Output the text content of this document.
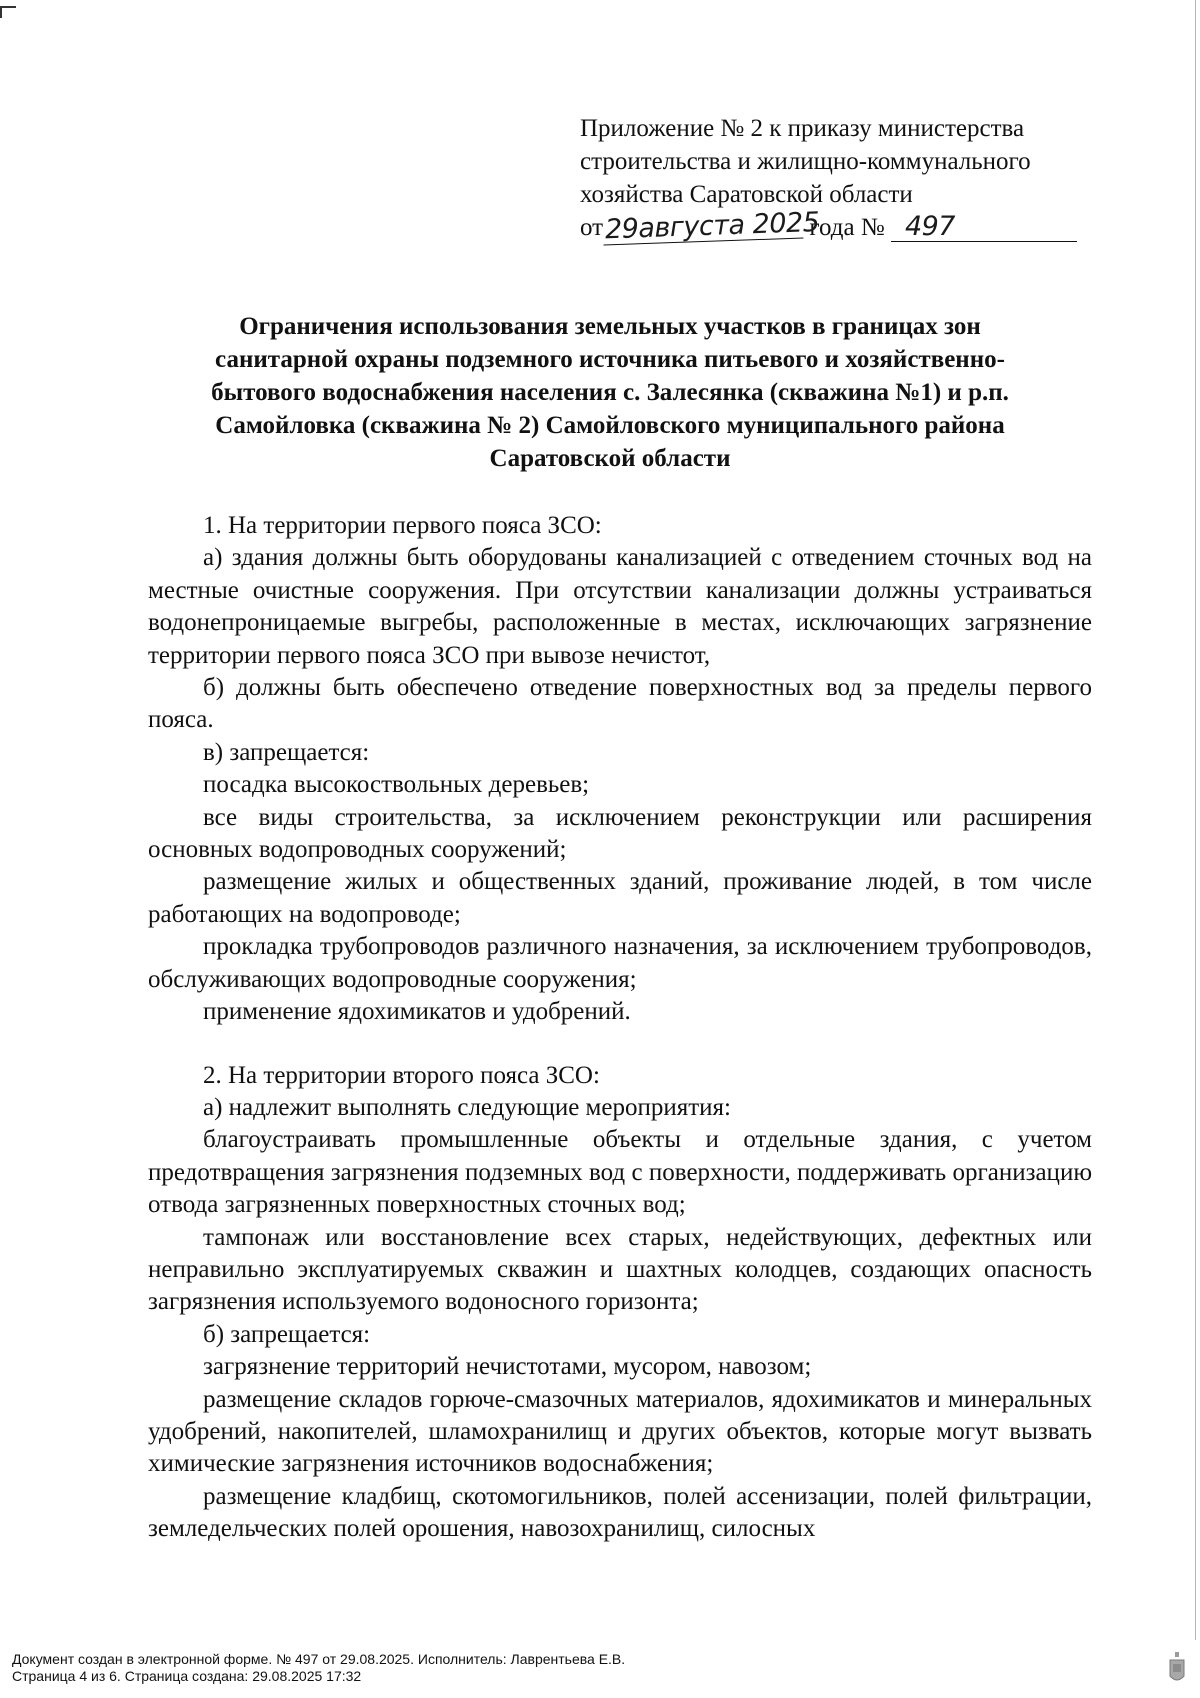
Приложение № 2 к приказу министерства
строительства и жилищно-коммунального
хозяйства Саратовской области
от29августа 2025 года № 497
Ограничения использования земельных участков в границах зон
санитарной охраны подземного источника питьевого и хозяйственно-
бытового водоснабжения населения с. Залесянка (скважина №1) и р.п.
Самойловка (скважина № 2) Самойловского муниципального района
Саратовской области

1. На территории первого пояса ЗСО:

а) здания должны быть оборудованы канализацией с отведением сточных вод на местные очистные сооружения. При отсутствии канализации должны устраиваться водонепроницаемые выгребы, расположенные в местах, исключающих загрязнение территории первого пояса ЗСО при вывозе нечистот,

б) должны быть обеспечено отведение поверхностных вод за пределы первого пояса.

в) запрещается:

посадка высокоствольных деревьев;

все виды строительства, за исключением реконструкции или расширения основных водопроводных сооружений;

размещение жилых и общественных зданий, проживание людей, в том числе работающих на водопроводе;

прокладка трубопроводов различного назначения, за исключением трубопроводов, обслуживающих водопроводные сооружения;

применение ядохимикатов и удобрений.

2. На территории второго пояса ЗСО:

а) надлежит выполнять следующие мероприятия:

благоустраивать промышленные объекты и отдельные здания, с учетом предотвращения загрязнения подземных вод с поверхности, поддерживать организацию отвода загрязненных поверхностных сточных вод;

тампонаж или восстановление всех старых, недействующих, дефектных или неправильно эксплуатируемых скважин и шахтных колодцев, создающих опасность загрязнения используемого водоносного горизонта;

б) запрещается:

загрязнение территорий нечистотами, мусором, навозом;

размещение складов горюче-смазочных материалов, ядохимикатов и минеральных удобрений, накопителей, шламохранилищ и других объектов, которые могут вызвать химические загрязнения источников водоснабжения;

размещение кладбищ, скотомогильников, полей ассенизации, полей фильтрации, земледельческих полей орошения, навозохранилищ, силосных

Документ создан в электронной форме. № 497 от 29.08.2025. Исполнитель: Лаврентьева Е.В.
Страница 4 из 6. Страница создана: 29.08.2025 17:32
